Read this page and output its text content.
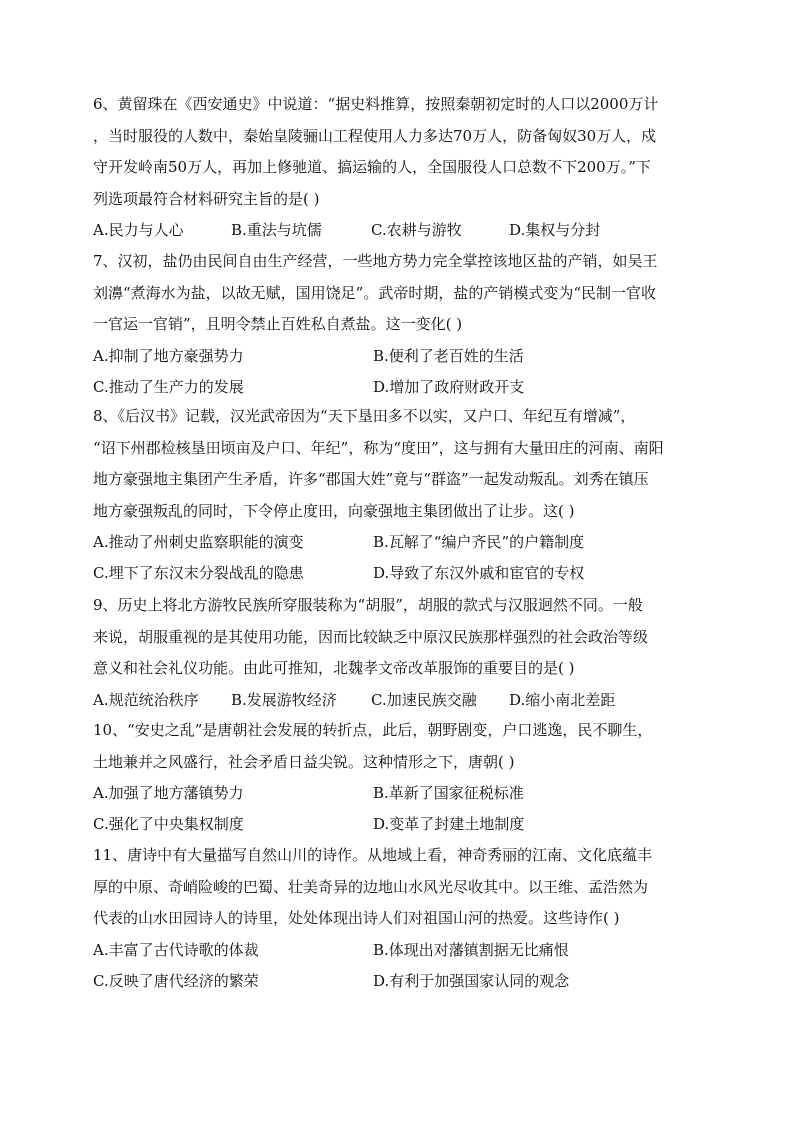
6、黄留珠在《西安通史》中说道：“据史料推算，按照秦朝初定时的人口以2000万计
，当时服役的人数中，秦始皇陵骊山工程使用人力多达70万人，防备匈奴30万人，戍
守开发岭南50万人，再加上修驰道、搞运输的人，全国服役人口总数不下200万。”下
列选项最符合材料研究主旨的是( )
A.民力与人心	B.重法与坑儒	C.农耕与游牧	D.集权与分封
7、汉初，盐仍由民间自由生产经营，一些地方势力完全掌控该地区盐的产销，如吴王
刘濞“煮海水为盐，以故无赋，国用饶足”。武帝时期，盐的产销模式变为“民制一官收
一官运一官销”，且明令禁止百姓私自煮盐。这一变化( )
A.抑制了地方豪强势力	B.便利了老百姓的生活
C.推动了生产力的发展	D.增加了政府财政开支
8、《后汉书》记载，汉光武帝因为“天下垦田多不以实，又户口、年纪互有增减”，
“诏下州郡检核垦田顷亩及户口、年纪”，称为“度田”，这与拥有大量田庄的河南、南阳
地方豪强地主集团产生矛盾，许多“郡国大姓”竟与“群盗”一起发动叛乱。刘秀在镇压
地方豪强叛乱的同时，下令停止度田，向豪强地主集团做出了让步。这( )
A.推动了州刺史监察职能的演变	B.瓦解了“编户齐民”的户籍制度
C.埋下了东汉末分裂战乱的隐患	D.导致了东汉外戚和宦官的专权
9、历史上将北方游牧民族所穿服装称为“胡服”，胡服的款式与汉服迥然不同。一般
来说，胡服重视的是其使用功能，因而比较缺乏中原汉民族那样强烈的社会政治等级
意义和社会礼仪功能。由此可推知，北魏孝文帝改革服饰的重要目的是( )
A.规范统治秩序	B.发展游牧经济	C.加速民族交融	D.缩小南北差距
10、“安史之乱”是唐朝社会发展的转折点，此后，朝野剧变，户口逃逸，民不聊生，
土地兼并之风盛行，社会矛盾日益尖锐。这种情形之下，唐朝( )
A.加强了地方藩镇势力	B.革新了国家征税标准
C.强化了中央集权制度	D.变革了封建土地制度
11、唐诗中有大量描写自然山川的诗作。从地域上看，神奇秀丽的江南、文化底蕴丰
厚的中原、奇峭险峻的巴蜀、壮美奇异的边地山水风光尽收其中。以王维、孟浩然为
代表的山水田园诗人的诗里，处处体现出诗人们对祖国山河的热爱。这些诗作( )
A.丰富了古代诗歌的体裁	B.体现出对藩镇割据无比痛恨
C.反映了唐代经济的繁荣	D.有利于加强国家认同的观念
